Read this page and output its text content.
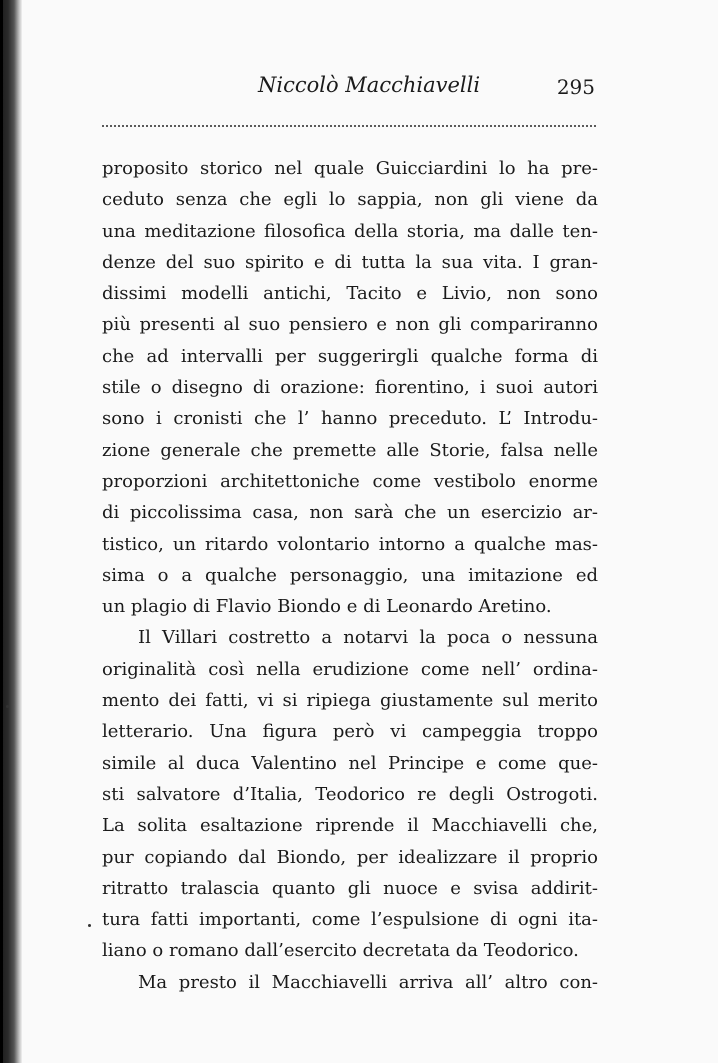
Niccolò Macchiavelli	295
proposito storico nel quale Guicciardini lo ha pre-
ceduto senza che egli lo sappia, non gli viene da
una meditazione filosofica della storia, ma dalle ten-
denze del suo spirito e di tutta la sua vita. I gran-
dissimi modelli antichi, Tacito e Livio, non sono
più presenti al suo pensiero e non gli compariranno
che ad intervalli per suggerirgli qualche forma di
stile o disegno di orazione: fiorentino, i suoi autori
sono i cronisti che l’ hanno preceduto. L’ Introdu-
zione generale che premette alle Storie, falsa nelle
proporzioni architettoniche come vestibolo enorme
di piccolissima casa, non sarà che un esercizio ar-
tistico, un ritardo volontario intorno a qualche mas-
sima o a qualche personaggio, una imitazione ed
un plagio di Flavio Biondo e di Leonardo Aretino.
Il Villari costretto a notarvi la poca o nessuna
originalità così nella erudizione come nell’ ordina-
mento dei fatti, vi si ripiega giustamente sul merito
letterario. Una figura però vi campeggia troppo
simile al duca Valentino nel Principe e come que-
sti salvatore d’Italia, Teodorico re degli Ostrogoti.
La solita esaltazione riprende il Macchiavelli che,
pur copiando dal Biondo, per idealizzare il proprio
ritratto tralascia quanto gli nuoce e svisa addirit-
tura fatti importanti, come l’espulsione di ogni ita-
liano o romano dall’esercito decretata da Teodorico.
Ma presto il Macchiavelli arriva all’ altro con-
